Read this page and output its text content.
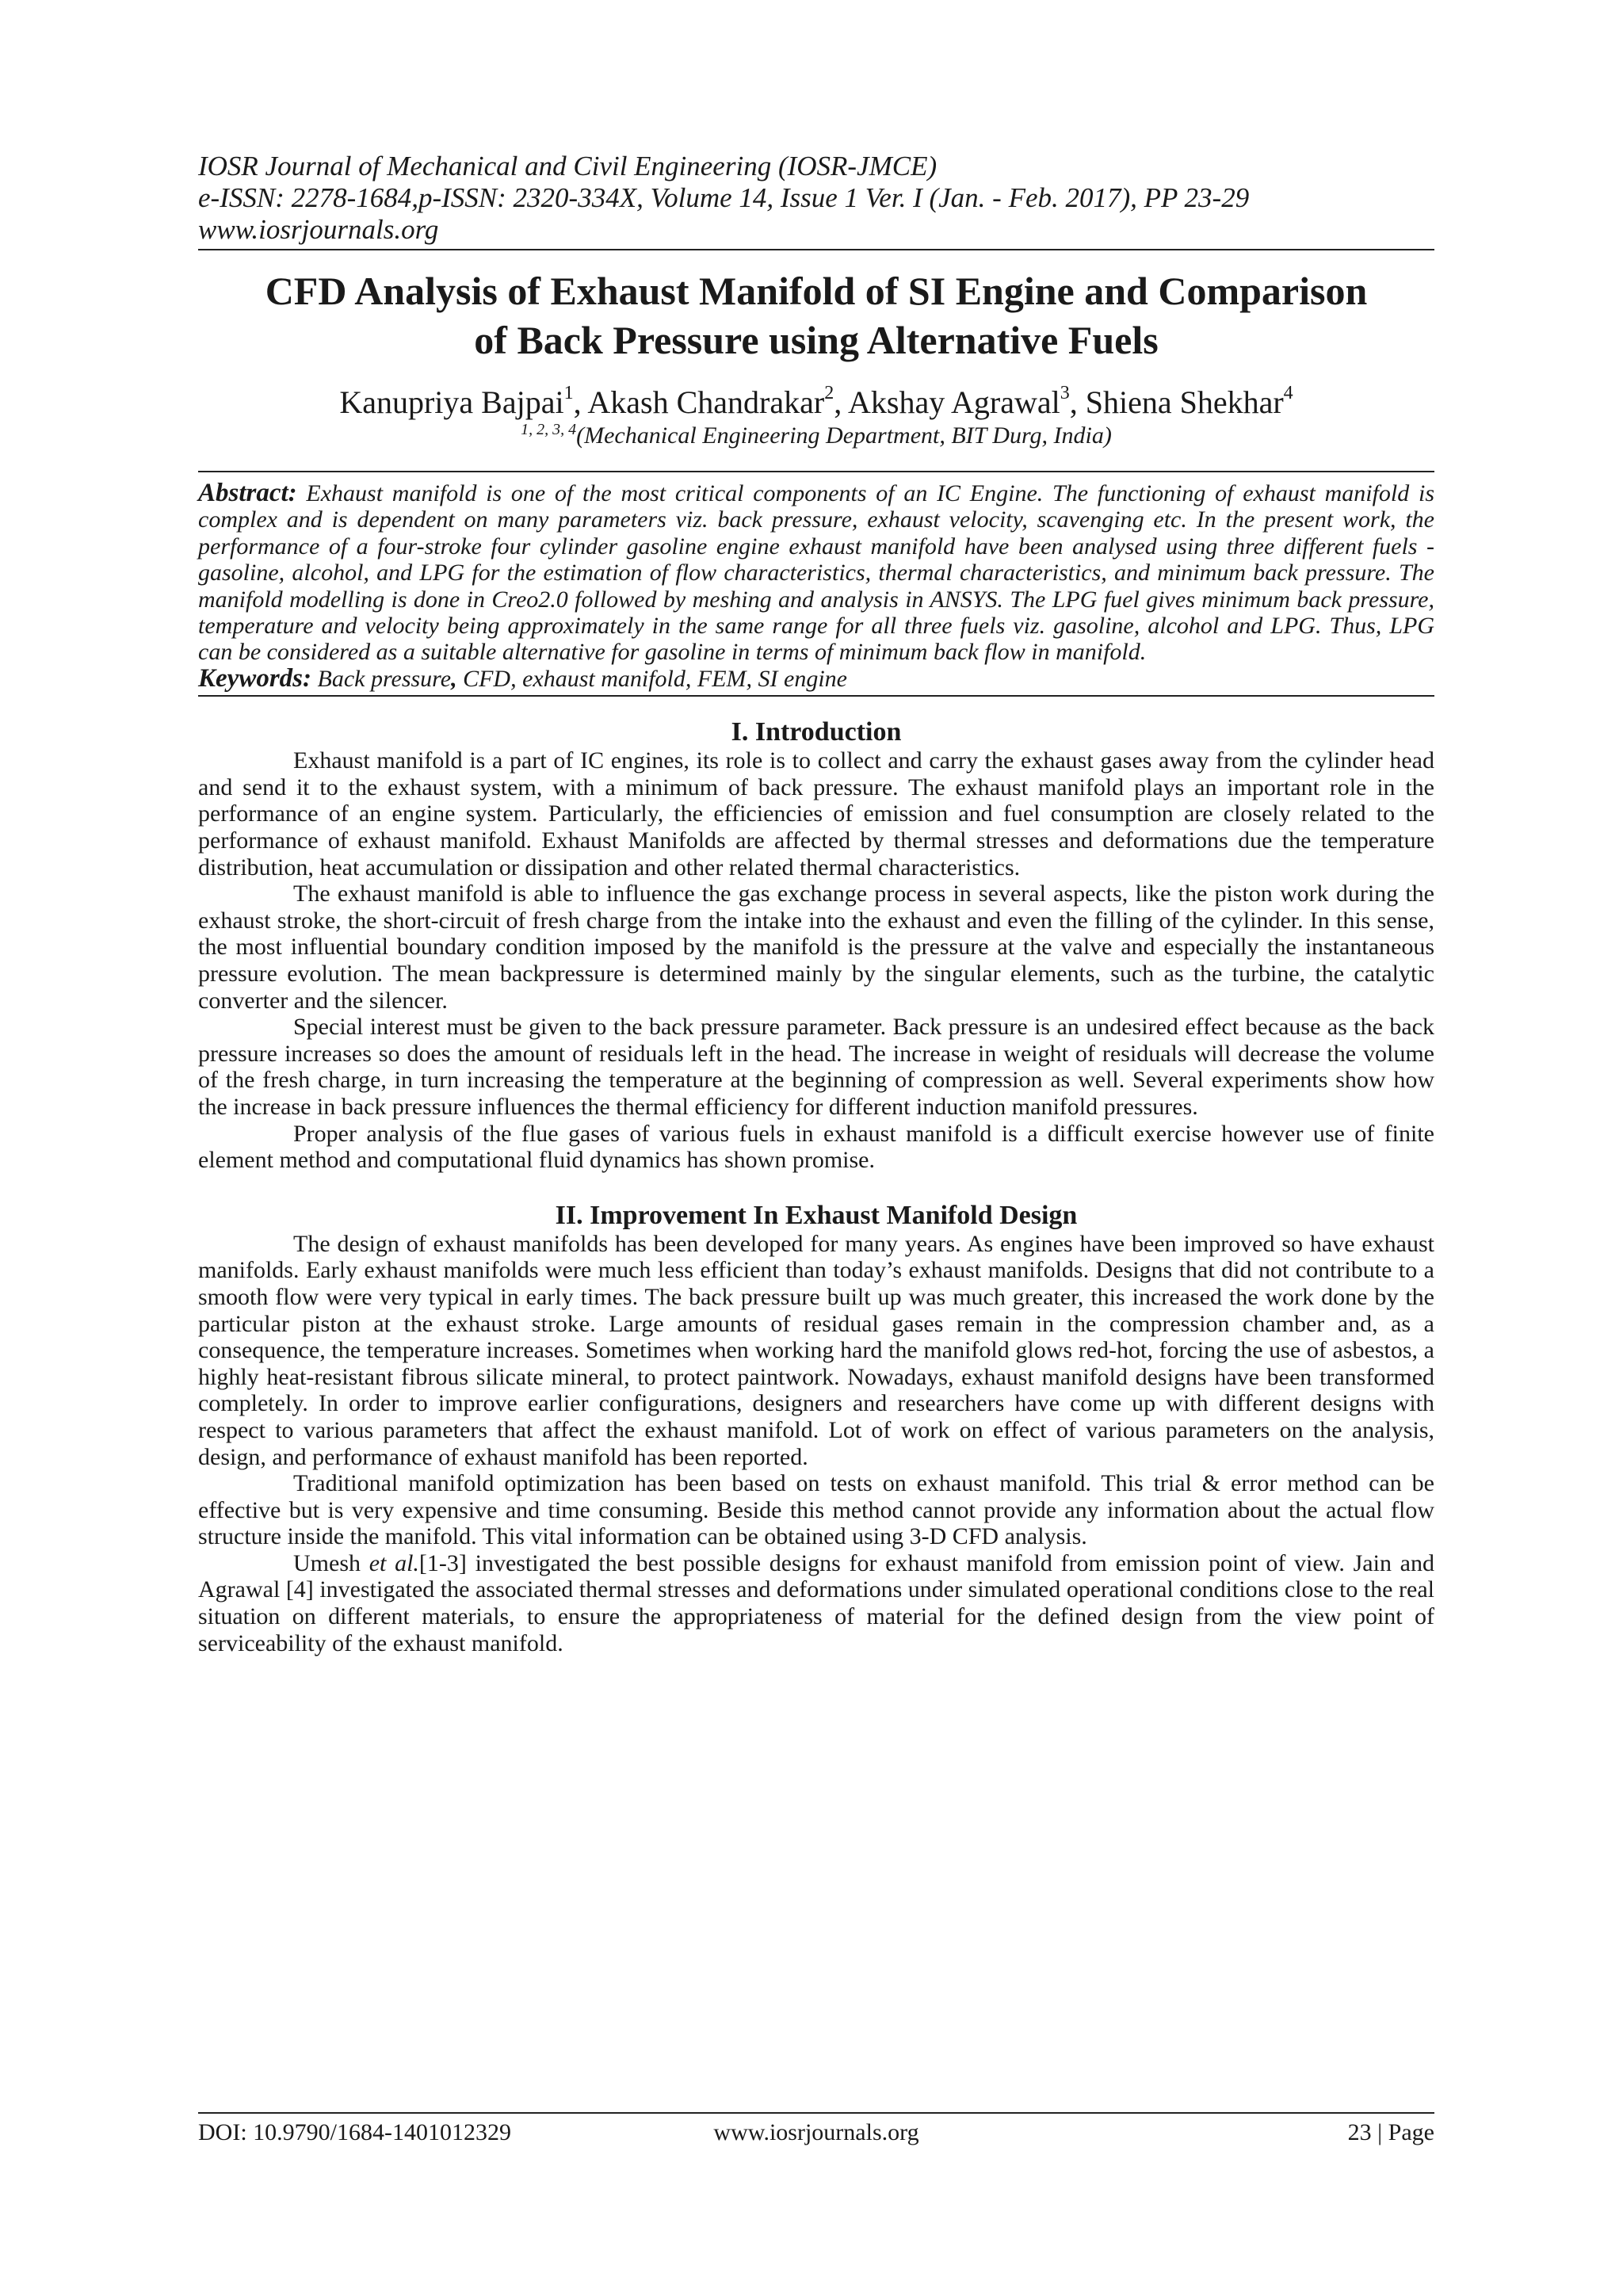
IOSR Journal of Mechanical and Civil Engineering (IOSR-JMCE)
e-ISSN: 2278-1684,p-ISSN: 2320-334X, Volume 14, Issue 1 Ver. I (Jan. - Feb. 2017), PP 23-29
www.iosrjournals.org
CFD Analysis of Exhaust Manifold of SI Engine and Comparison
of Back Pressure using Alternative Fuels
Kanupriya Bajpai$^1$, Akash Chandrakar$^2$, Akshay Agrawal$^3$, Shiena Shekhar$^4$
$^{1, 2, 3, 4}$(Mechanical Engineering Department, BIT Durg, India)
Abstract: Exhaust manifold is one of the most critical components of an IC Engine. The functioning of exhaust manifold is complex and is dependent on many parameters viz. back pressure, exhaust velocity, scavenging etc. In the present work, the performance of a four-stroke four cylinder gasoline engine exhaust manifold have been analysed using three different fuels - gasoline, alcohol, and LPG for the estimation of flow characteristics, thermal characteristics, and minimum back pressure. The manifold modelling is done in Creo2.0 followed by meshing and analysis in ANSYS. The LPG fuel gives minimum back pressure, temperature and velocity being approximately in the same range for all three fuels viz. gasoline, alcohol and LPG. Thus, LPG can be considered as a suitable alternative for gasoline in terms of minimum back flow in manifold.
Keywords: Back pressure, CFD, exhaust manifold, FEM, SI engine
I. Introduction

Exhaust manifold is a part of IC engines, its role is to collect and carry the exhaust gases away from the cylinder head and send it to the exhaust system, with a minimum of back pressure. The exhaust manifold plays an important role in the performance of an engine system. Particularly, the efficiencies of emission and fuel consumption are closely related to the performance of exhaust manifold. Exhaust Manifolds are affected by thermal stresses and deformations due the temperature distribution, heat accumulation or dissipation and other related thermal characteristics.

The exhaust manifold is able to influence the gas exchange process in several aspects, like the piston work during the exhaust stroke, the short-circuit of fresh charge from the intake into the exhaust and even the filling of the cylinder. In this sense, the most influential boundary condition imposed by the manifold is the pressure at the valve and especially the instantaneous pressure evolution. The mean backpressure is determined mainly by the singular elements, such as the turbine, the catalytic converter and the silencer.

Special interest must be given to the back pressure parameter. Back pressure is an undesired effect because as the back pressure increases so does the amount of residuals left in the head. The increase in weight of residuals will decrease the volume of the fresh charge, in turn increasing the temperature at the beginning of compression as well. Several experiments show how the increase in back pressure influences the thermal efficiency for different induction manifold pressures.

Proper analysis of the flue gases of various fuels in exhaust manifold is a difficult exercise however use of finite element method and computational fluid dynamics has shown promise.

II. Improvement In Exhaust Manifold Design

The design of exhaust manifolds has been developed for many years. As engines have been improved so have exhaust manifolds. Early exhaust manifolds were much less efficient than today’s exhaust manifolds. Designs that did not contribute to a smooth flow were very typical in early times. The back pressure built up was much greater, this increased the work done by the particular piston at the exhaust stroke. Large amounts of residual gases remain in the compression chamber and, as a consequence, the temperature increases. Sometimes when working hard the manifold glows red-hot, forcing the use of asbestos, a highly heat-resistant fibrous silicate mineral, to protect paintwork. Nowadays, exhaust manifold designs have been transformed completely. In order to improve earlier configurations, designers and researchers have come up with different designs with respect to various parameters that affect the exhaust manifold. Lot of work on effect of various parameters on the analysis, design, and performance of exhaust manifold has been reported.

Traditional manifold optimization has been based on tests on exhaust manifold. This trial & error method can be effective but is very expensive and time consuming. Beside this method cannot provide any information about the actual flow structure inside the manifold. This vital information can be obtained using 3-D CFD analysis.

Umesh et al.[1-3] investigated the best possible designs for exhaust manifold from emission point of view. Jain and Agrawal [4] investigated the associated thermal stresses and deformations under simulated operational conditions close to the real situation on different materials, to ensure the appropriateness of material for the defined design from the view point of serviceability of the exhaust manifold.

DOI: 10.9790/1684-1401012329	www.iosrjournals.org	23 | Page
